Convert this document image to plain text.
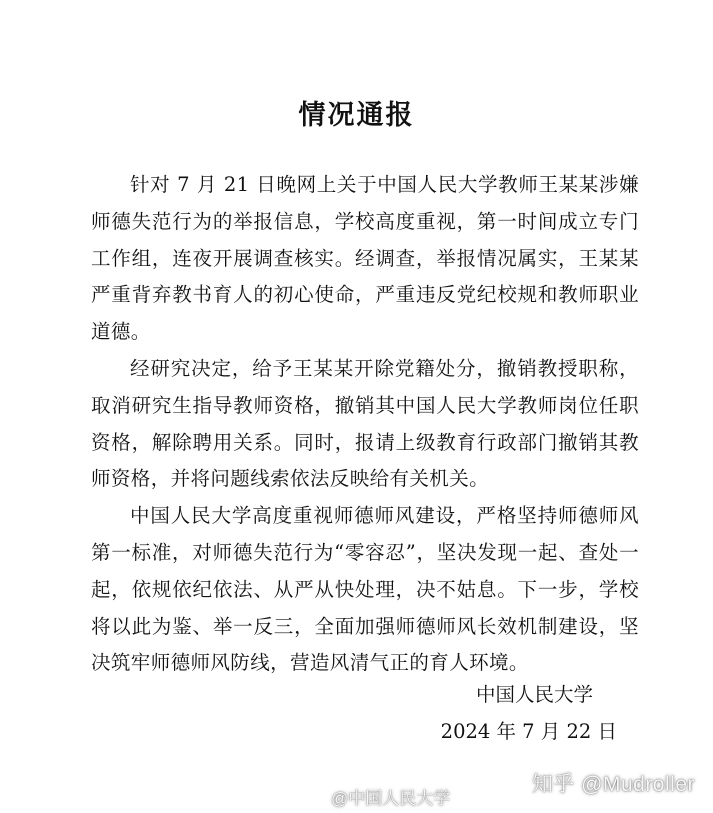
情况通报

针对 7 月 21 日晚网上关于中国人民大学教师王某某涉嫌师德失范行为的举报信息，学校高度重视，第一时间成立专门工作组，连夜开展调查核实。经调查，举报情况属实，王某某严重背弃教书育人的初心使命，严重违反党纪校规和教师职业道德。

经研究决定，给予王某某开除党籍处分，撤销教授职称，取消研究生指导教师资格，撤销其中国人民大学教师岗位任职资格，解除聘用关系。同时，报请上级教育行政部门撤销其教师资格，并将问题线索依法反映给有关机关。

中国人民大学高度重视师德师风建设，严格坚持师德师风第一标准，对师德失范行为“零容忍”，坚决发现一起、查处一起，依规依纪依法、从严从快处理，决不姑息。下一步，学校将以此为鉴、举一反三，全面加强师德师风长效机制建设，坚决筑牢师德师风防线，营造风清气正的育人环境。

中国人民大学
2024 年 7 月 22 日
@中国人民大学
知乎 @Mudroller
